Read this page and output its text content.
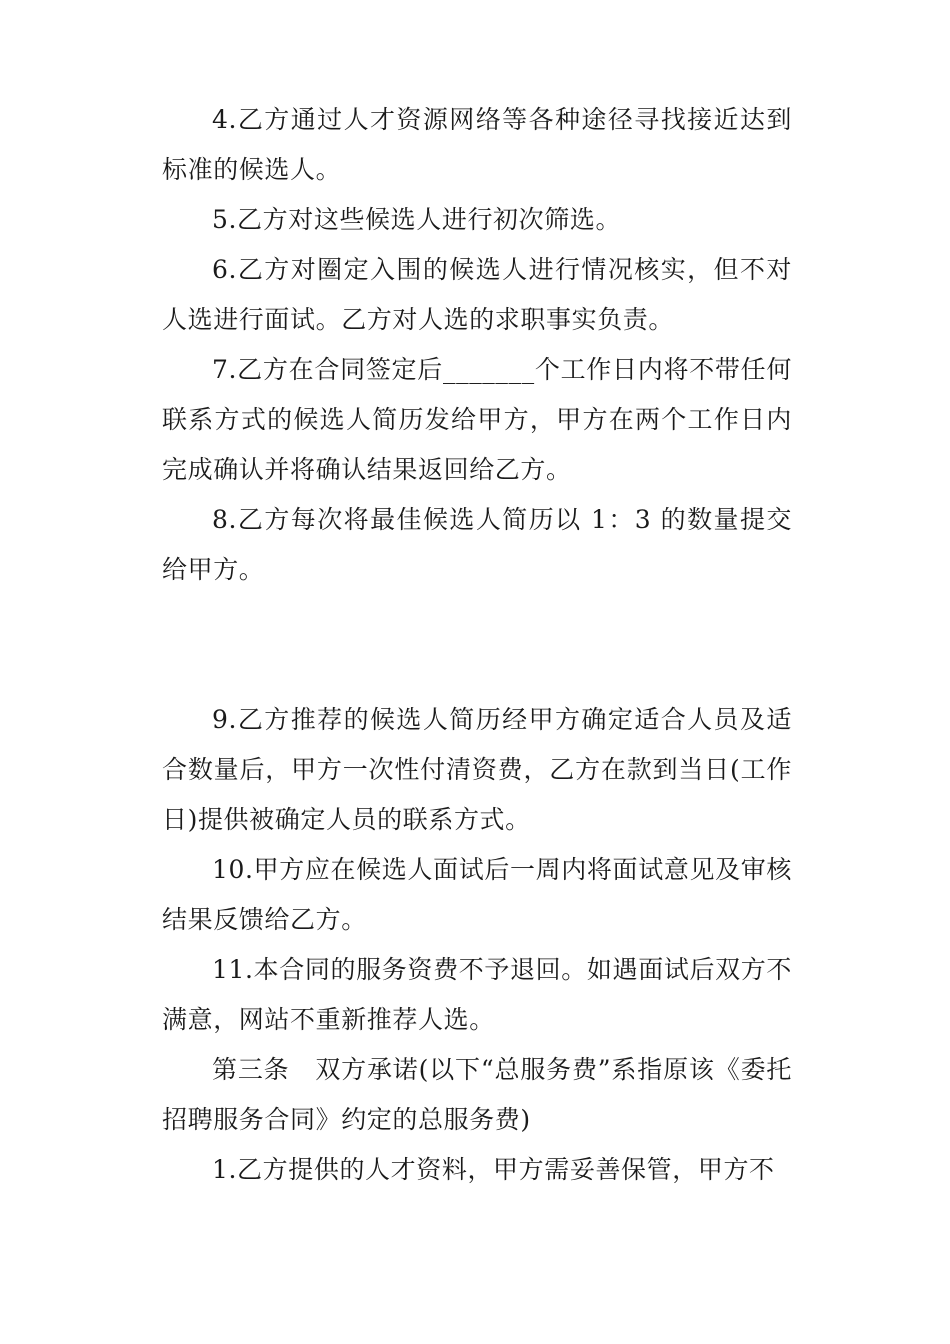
4.乙方通过人才资源网络等各种途径寻找接近达到标准的候选人。

5.乙方对这些候选人进行初次筛选。

6.乙方对圈定入围的候选人进行情况核实，但不对人选进行面试。乙方对人选的求职事实负责。

7.乙方在合同签定后_______个工作日内将不带任何联系方式的候选人简历发给甲方，甲方在两个工作日内完成确认并将确认结果返回给乙方。

8.乙方每次将最佳候选人简历以 1：3 的数量提交给甲方。

9.乙方推荐的候选人简历经甲方确定适合人员及适合数量后，甲方一次性付清资费，乙方在款到当日(工作日)提供被确定人员的联系方式。

10.甲方应在候选人面试后一周内将面试意见及审核结果反馈给乙方。

11.本合同的服务资费不予退回。如遇面试后双方不满意，网站不重新推荐人选。

第三条　双方承诺(以下“总服务费”系指原该《委托招聘服务合同》约定的总服务费)

1.乙方提供的人才资料，甲方需妥善保管，甲方不
